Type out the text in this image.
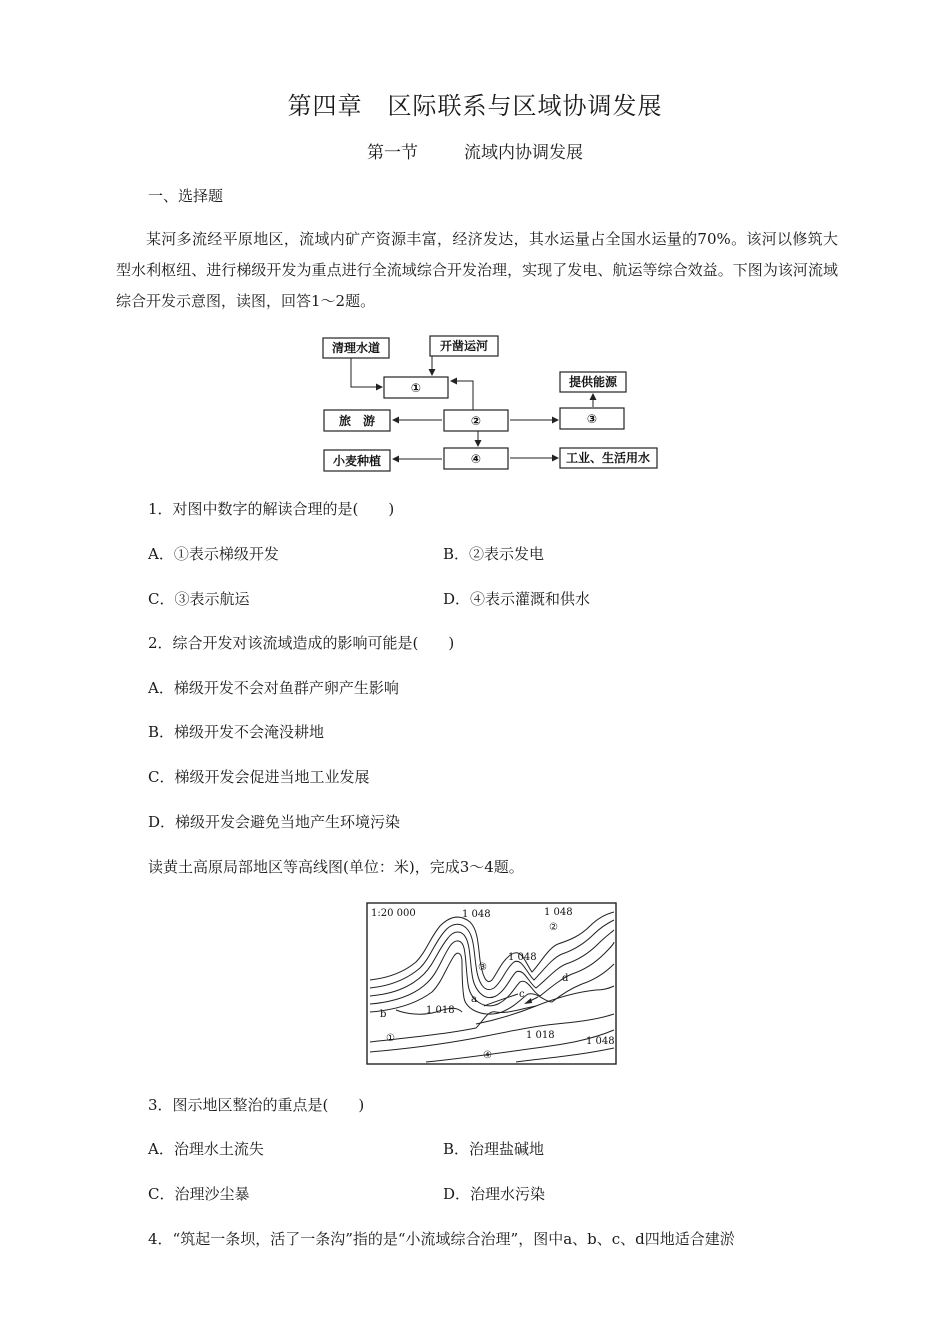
第四章　区际联系与区域协调发展
第一节	流域内协调发展
一、选择题
某河多流经平原地区，流域内矿产资源丰富，经济发达，其水运量占全国水运量的70%。该河以修筑大型水利枢纽、进行梯级开发为重点进行全流域综合开发治理，实现了发电、航运等综合效益。下图为该河流域综合开发示意图，读图，回答1～2题。
清理水道	开凿运河
①	提供能源
旅　游	②	③
小麦种植	④	工业、生活用水
1．对图中数字的解读合理的是(　　)
A．①表示梯级开发	B．②表示发电
C．③表示航运	D．④表示灌溉和供水
2．综合开发对该流域造成的影响可能是(　　)
A．梯级开发不会对鱼群产卵产生影响
B．梯级开发不会淹没耕地
C．梯级开发会促进当地工业发展
D．梯级开发会避免当地产生环境污染
读黄土高原局部地区等高线图(单位：米)，完成3～4题。
1:20 000	1 048	1 048
②
1 048
③
d
c
a
b	1 018
1 018
1 048
①
④
3．图示地区整治的重点是(　　)
A．治理水土流失	B．治理盐碱地
C．治理沙尘暴	D．治理水污染
4．“筑起一条坝，活了一条沟”指的是“小流域综合治理”，图中a、b、c、d四地适合建淤
